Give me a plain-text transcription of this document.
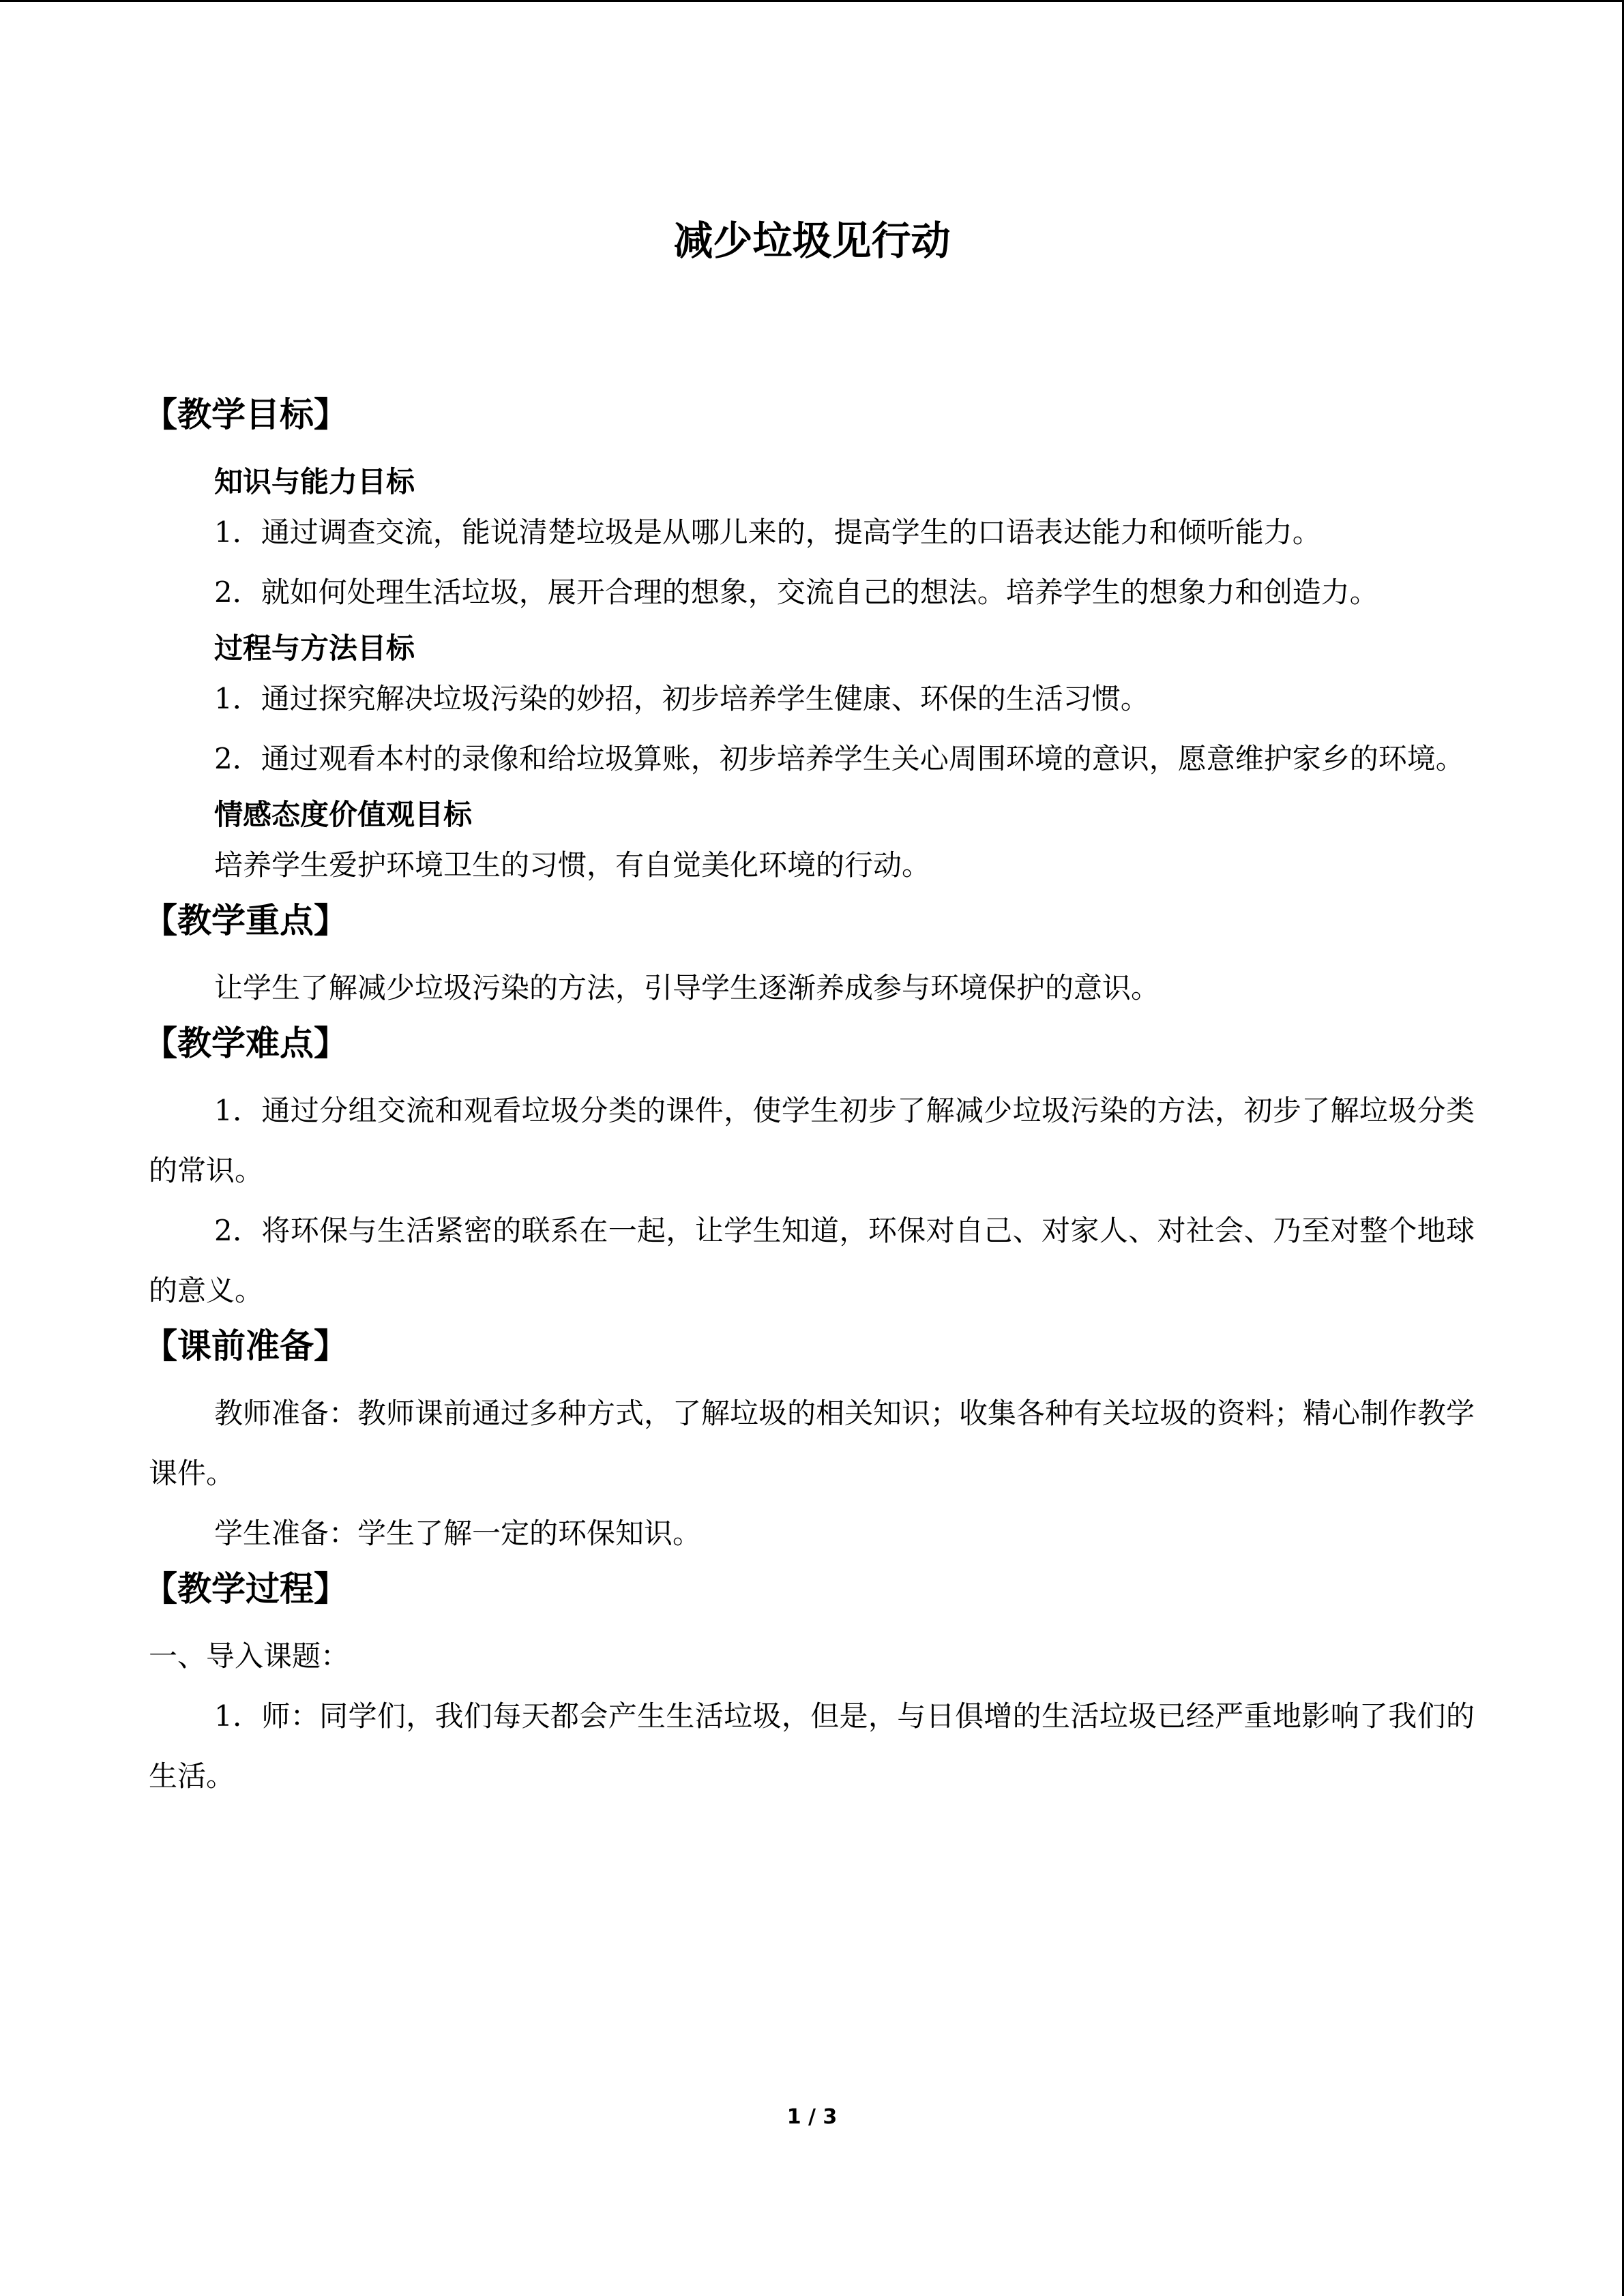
减少垃圾见行动
【教学目标】
知识与能力目标
1．通过调查交流，能说清楚垃圾是从哪儿来的，提高学生的口语表达能力和倾听能力。
2．就如何处理生活垃圾，展开合理的想象，交流自己的想法。培养学生的想象力和创造力。
过程与方法目标
1．通过探究解决垃圾污染的妙招，初步培养学生健康、环保的生活习惯。
2．通过观看本村的录像和给垃圾算账，初步培养学生关心周围环境的意识，愿意维护家乡的环境。
情感态度价值观目标
培养学生爱护环境卫生的习惯，有自觉美化环境的行动。
【教学重点】
让学生了解减少垃圾污染的方法，引导学生逐渐养成参与环境保护的意识。
【教学难点】
1．通过分组交流和观看垃圾分类的课件，使学生初步了解减少垃圾污染的方法，初步了解垃圾分类的常识。
2．将环保与生活紧密的联系在一起，让学生知道，环保对自己、对家人、对社会、乃至对整个地球的意义。
【课前准备】
教师准备：教师课前通过多种方式，了解垃圾的相关知识；收集各种有关垃圾的资料；精心制作教学课件。
学生准备：学生了解一定的环保知识。
【教学过程】
一、导入课题：
1．师：同学们，我们每天都会产生生活垃圾，但是，与日俱增的生活垃圾已经严重地影响了我们的生活。
1 / 3
